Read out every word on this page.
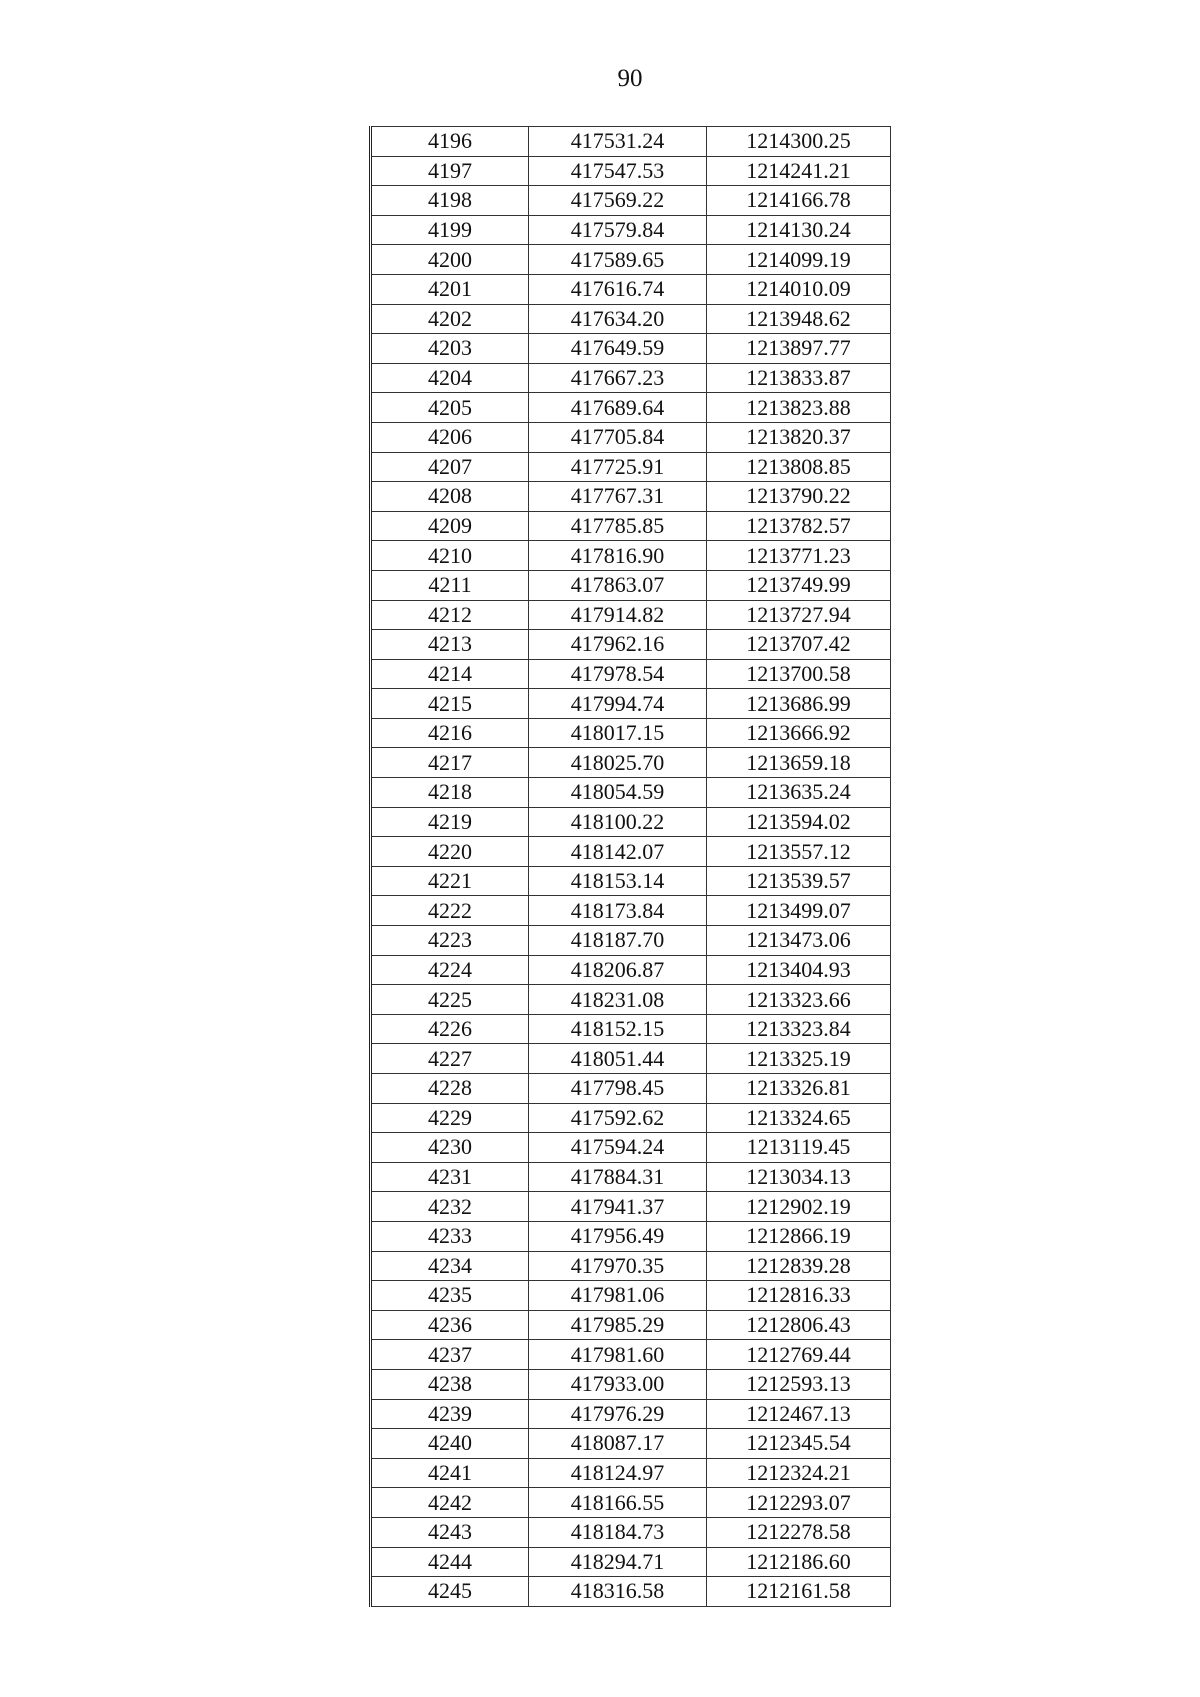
90
4196	417531.24	1214300.25
4197	417547.53	1214241.21
4198	417569.22	1214166.78
4199	417579.84	1214130.24
4200	417589.65	1214099.19
4201	417616.74	1214010.09
4202	417634.20	1213948.62
4203	417649.59	1213897.77
4204	417667.23	1213833.87
4205	417689.64	1213823.88
4206	417705.84	1213820.37
4207	417725.91	1213808.85
4208	417767.31	1213790.22
4209	417785.85	1213782.57
4210	417816.90	1213771.23
4211	417863.07	1213749.99
4212	417914.82	1213727.94
4213	417962.16	1213707.42
4214	417978.54	1213700.58
4215	417994.74	1213686.99
4216	418017.15	1213666.92
4217	418025.70	1213659.18
4218	418054.59	1213635.24
4219	418100.22	1213594.02
4220	418142.07	1213557.12
4221	418153.14	1213539.57
4222	418173.84	1213499.07
4223	418187.70	1213473.06
4224	418206.87	1213404.93
4225	418231.08	1213323.66
4226	418152.15	1213323.84
4227	418051.44	1213325.19
4228	417798.45	1213326.81
4229	417592.62	1213324.65
4230	417594.24	1213119.45
4231	417884.31	1213034.13
4232	417941.37	1212902.19
4233	417956.49	1212866.19
4234	417970.35	1212839.28
4235	417981.06	1212816.33
4236	417985.29	1212806.43
4237	417981.60	1212769.44
4238	417933.00	1212593.13
4239	417976.29	1212467.13
4240	418087.17	1212345.54
4241	418124.97	1212324.21
4242	418166.55	1212293.07
4243	418184.73	1212278.58
4244	418294.71	1212186.60
4245	418316.58	1212161.58
